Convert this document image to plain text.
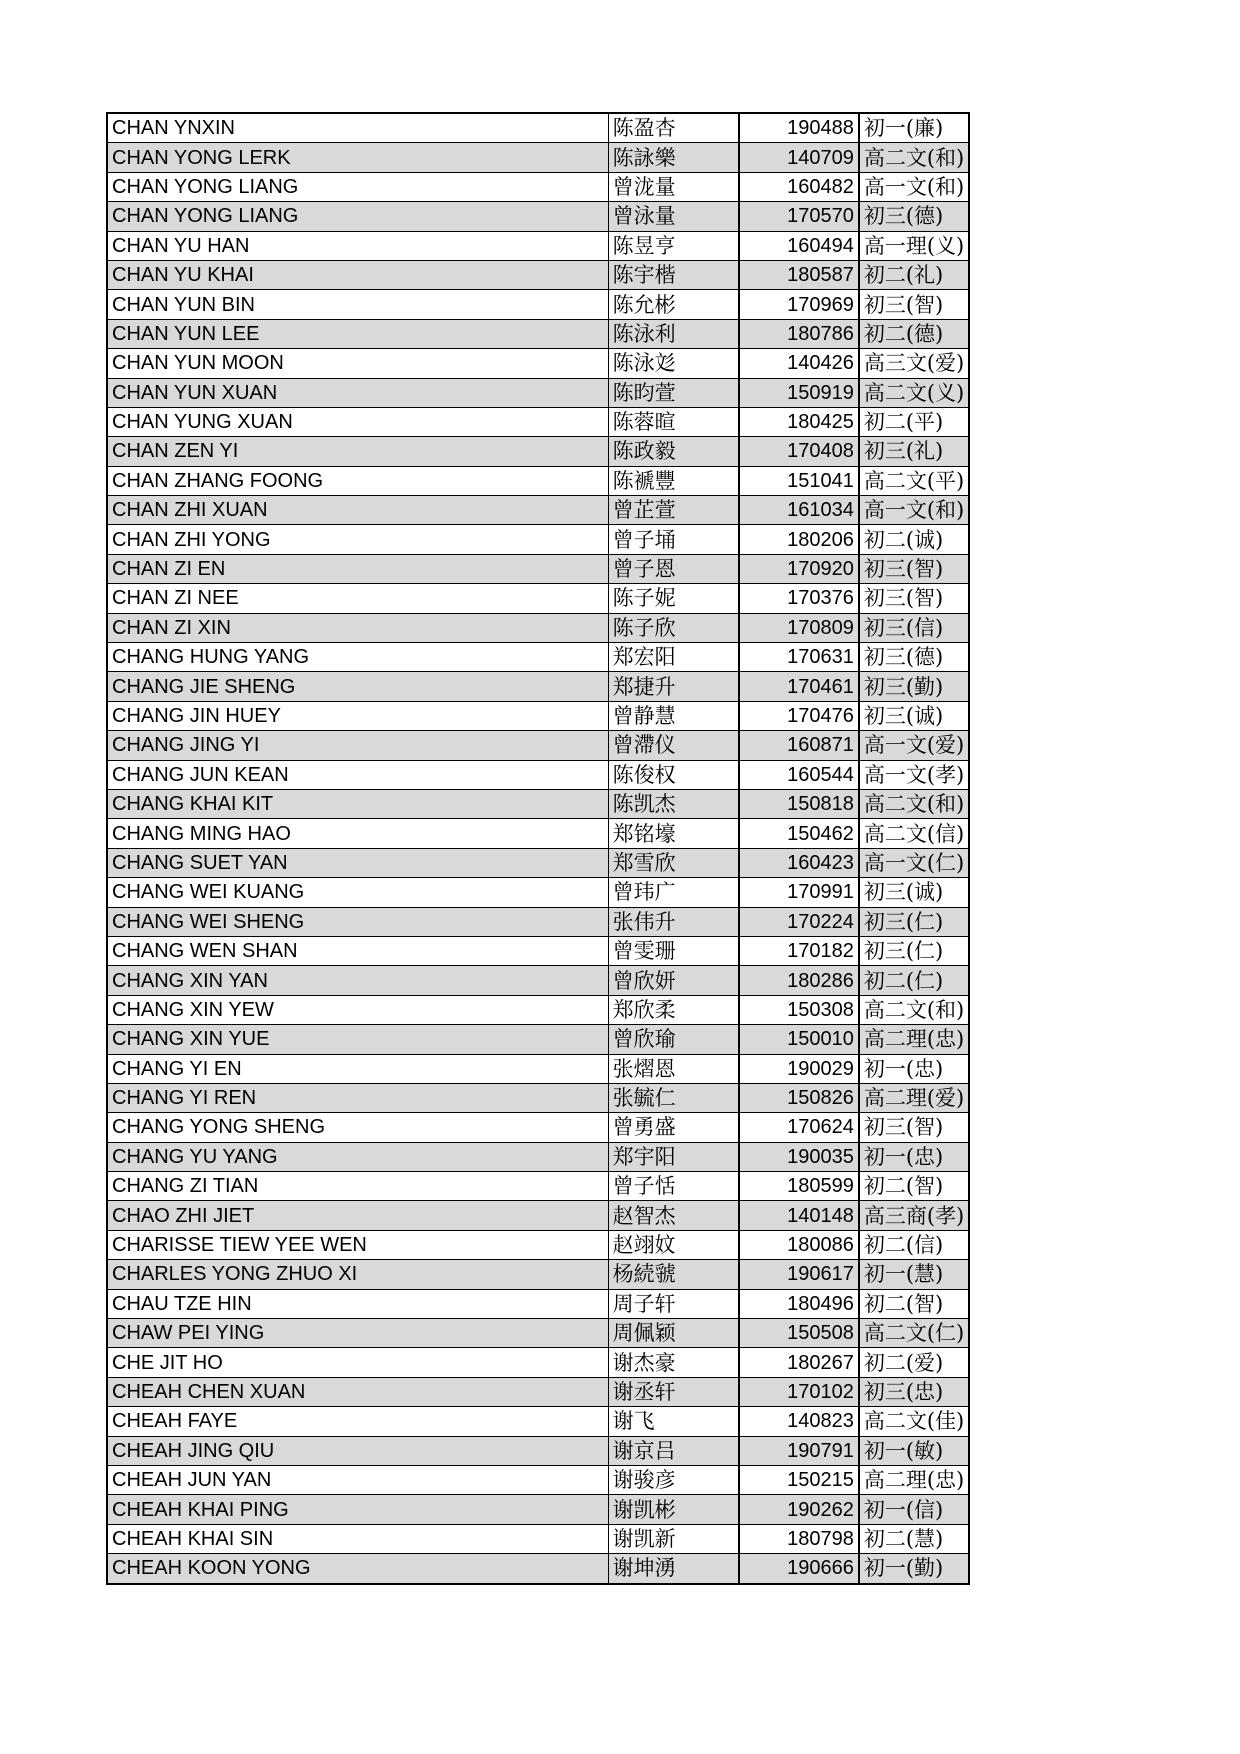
CHAN YNXIN	陈盈杏	190488	初一(廉)
CHAN YONG LERK	陈詠樂	140709	高二文(和)
CHAN YONG LIANG	曾泷量	160482	高一文(和)
CHAN YONG LIANG	曾泳量	170570	初三(德)
CHAN YU HAN	陈昱亨	160494	高一理(义)
CHAN YU KHAI	陈宇楷	180587	初二(礼)
CHAN YUN BIN	陈允彬	170969	初三(智)
CHAN YUN LEE	陈泳利	180786	初二(德)
CHAN YUN MOON	陈泳彣	140426	高三文(爱)
CHAN YUN XUAN	陈昀萱	150919	高二文(义)
CHAN YUNG XUAN	陈蓉暄	180425	初二(平)
CHAN ZEN YI	陈政毅	170408	初三(礼)
CHAN ZHANG FOONG	陈褫豐	151041	高二文(平)
CHAN ZHI XUAN	曾芷萱	161034	高一文(和)
CHAN ZHI YONG	曾子埇	180206	初二(诚)
CHAN ZI EN	曾子恩	170920	初三(智)
CHAN ZI NEE	陈子妮	170376	初三(智)
CHAN ZI XIN	陈子欣	170809	初三(信)
CHANG HUNG YANG	郑宏阳	170631	初三(德)
CHANG JIE SHENG	郑捷升	170461	初三(勤)
CHANG JIN HUEY	曾静慧	170476	初三(诚)
CHANG JING YI	曾滯仪	160871	高一文(爱)
CHANG JUN KEAN	陈俊权	160544	高一文(孝)
CHANG KHAI KIT	陈凯杰	150818	高二文(和)
CHANG MING HAO	郑铭壕	150462	高二文(信)
CHANG SUET YAN	郑雪欣	160423	高一文(仁)
CHANG WEI KUANG	曾玮广	170991	初三(诚)
CHANG WEI SHENG	张伟升	170224	初三(仁)
CHANG WEN SHAN	曾雯珊	170182	初三(仁)
CHANG XIN YAN	曾欣妍	180286	初二(仁)
CHANG XIN YEW	郑欣柔	150308	高二文(和)
CHANG XIN YUE	曾欣瑜	150010	高二理(忠)
CHANG YI EN	张熠恩	190029	初一(忠)
CHANG YI REN	张毓仁	150826	高二理(爱)
CHANG YONG SHENG	曾勇盛	170624	初三(智)
CHANG YU YANG	郑宇阳	190035	初一(忠)
CHANG ZI TIAN	曾子恬	180599	初二(智)
CHAO ZHI JIET	赵智杰	140148	高三商(孝)
CHARISSE TIEW YEE WEN	赵翊妏	180086	初二(信)
CHARLES YONG ZHUO XI	杨続虢	190617	初一(慧)
CHAU TZE HIN	周子轩	180496	初二(智)
CHAW PEI YING	周佩颖	150508	高二文(仁)
CHE JIT HO	谢杰豪	180267	初二(爱)
CHEAH CHEN XUAN	谢丞轩	170102	初三(忠)
CHEAH FAYE	谢飞	140823	高二文(佳)
CHEAH JING QIU	谢京吕	190791	初一(敏)
CHEAH JUN YAN	谢骏彦	150215	高二理(忠)
CHEAH KHAI PING	谢凯彬	190262	初一(信)
CHEAH KHAI SIN	谢凯新	180798	初二(慧)
CHEAH KOON YONG	谢坤湧	190666	初一(勤)
